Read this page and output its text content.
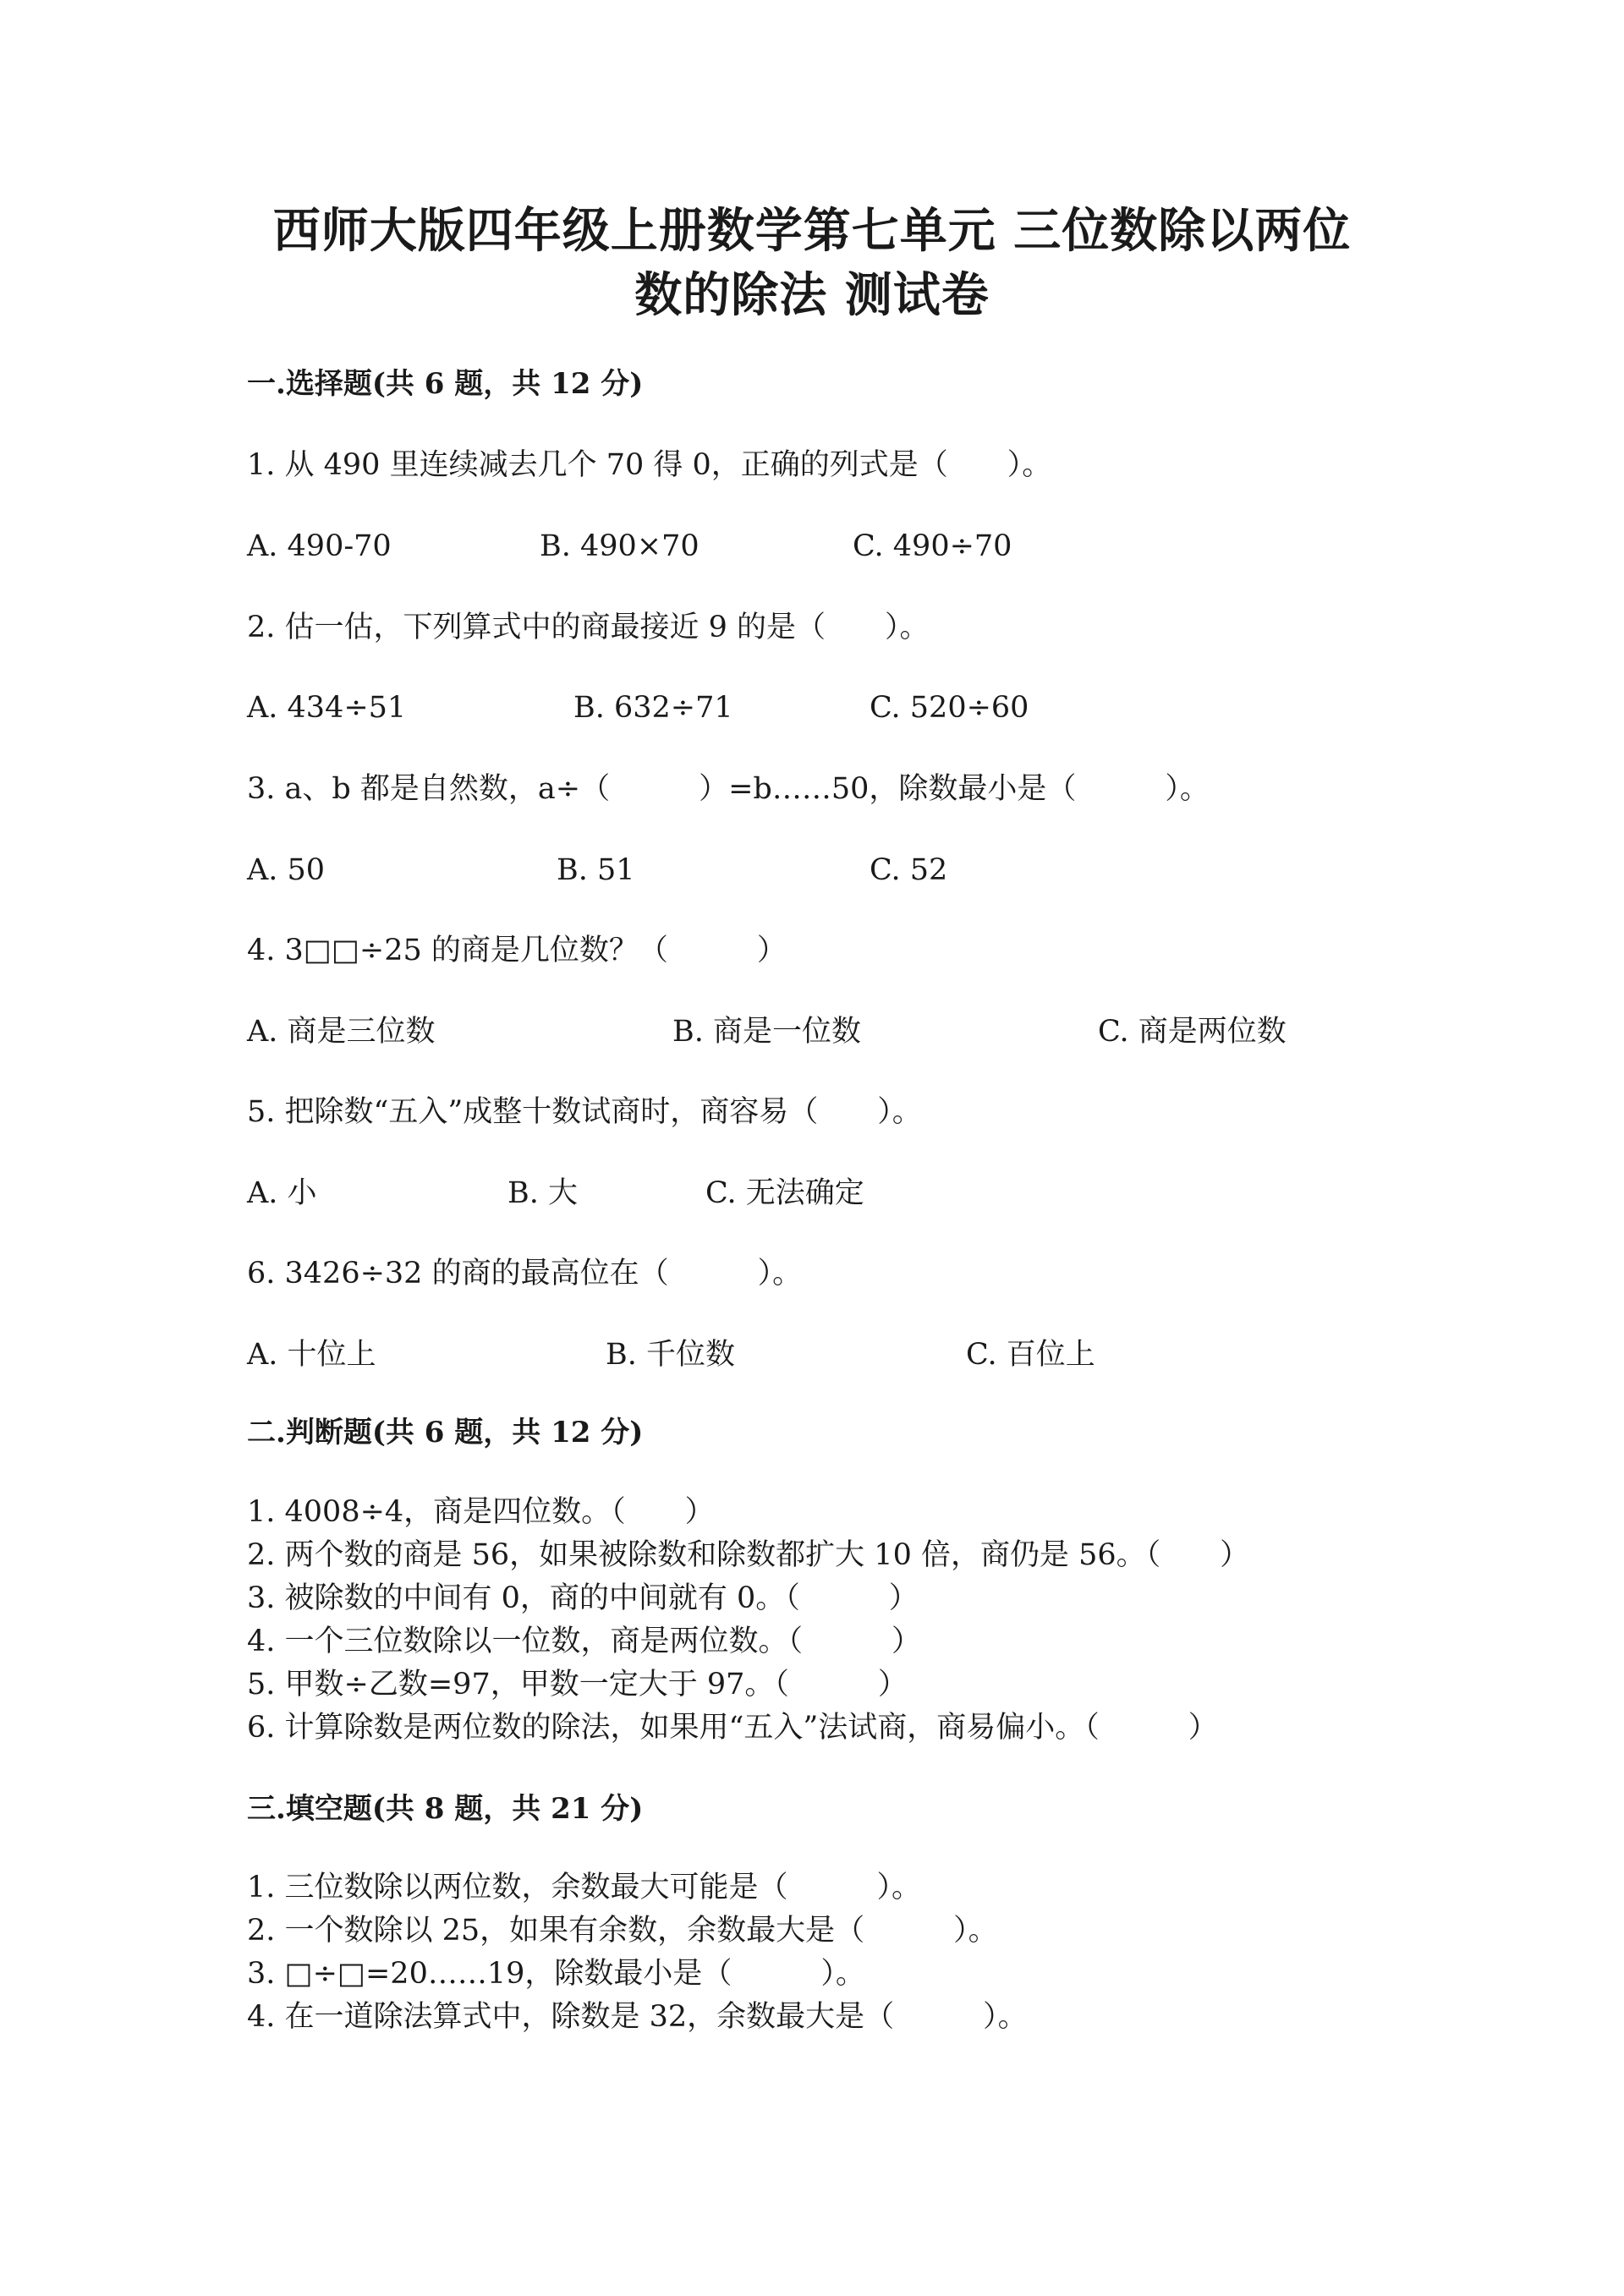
西师大版四年级上册数学第七单元 三位数除以两位
数的除法 测试卷
一.选择题(共 6 题，共 12 分)
1. 从 490 里连续减去几个 70 得 0，正确的列式是（　　）。
A. 490-70	B. 490×70	C. 490÷70
2. 估一估，下列算式中的商最接近 9 的是（　　）。
A. 434÷51	B. 632÷71	C. 520÷60
3. a、b 都是自然数，a÷（　　　）=b……50，除数最小是（　　　）。
A. 50	B. 51	C. 52
4. 3□□÷25 的商是几位数？（　　　）
A. 商是三位数	B. 商是一位数	C. 商是两位数
5. 把除数“五入”成整十数试商时，商容易（　　）。
A. 小	B. 大	C. 无法确定
6. 3426÷32 的商的最高位在（　　　）。
A. 十位上	B. 千位数	C. 百位上
二.判断题(共 6 题，共 12 分)
1. 4008÷4，商是四位数。（　　）
2. 两个数的商是 56，如果被除数和除数都扩大 10 倍，商仍是 56。（　　）
3. 被除数的中间有 0，商的中间就有 0。（　　　）
4. 一个三位数除以一位数，商是两位数。（　　　）
5. 甲数÷乙数=97，甲数一定大于 97。（　　　）
6. 计算除数是两位数的除法，如果用“五入”法试商，商易偏小。（　　　）
三.填空题(共 8 题，共 21 分)
1. 三位数除以两位数，余数最大可能是（　　　）。
2. 一个数除以 25，如果有余数，余数最大是（　　　）。
3. □÷□=20……19，除数最小是（　　　）。
4. 在一道除法算式中，除数是 32，余数最大是（　　　）。
